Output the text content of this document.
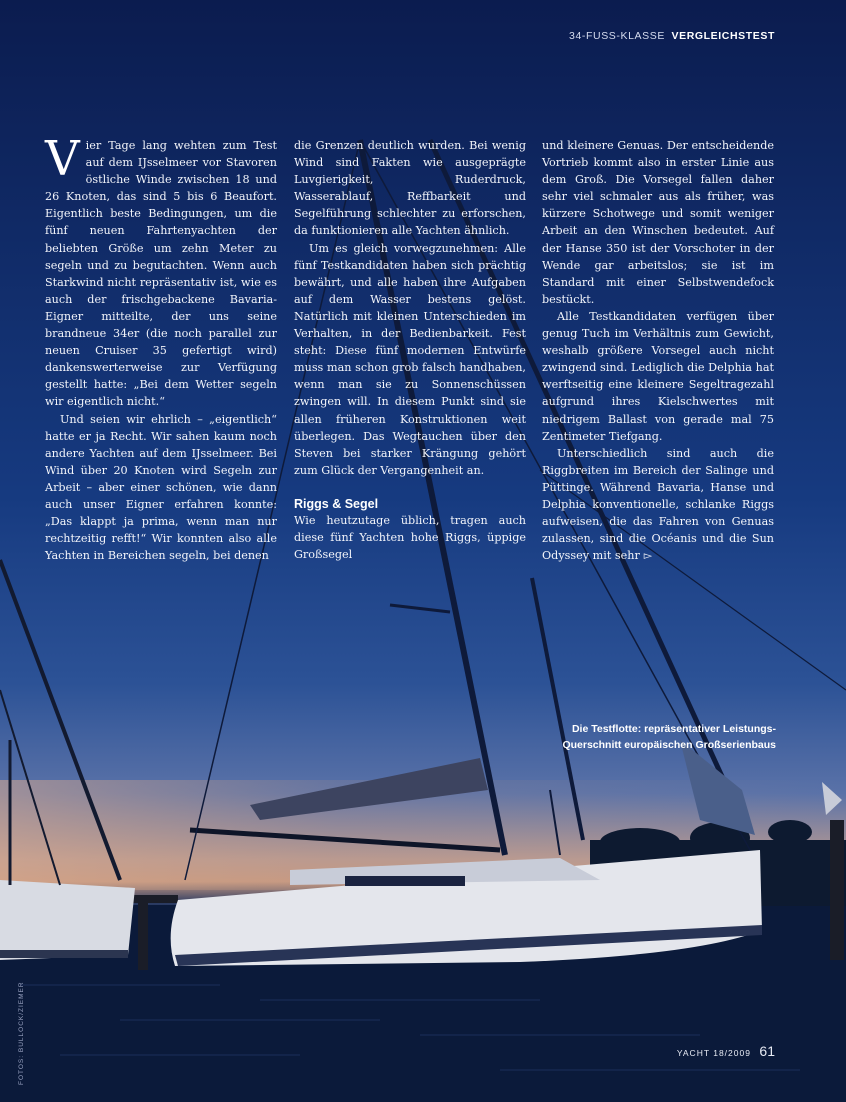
34-FUSS-KLASSE VERGLEICHSTEST

V ier Tage lang wehten zum Test auf dem IJsselmeer vor Stavoren östliche Winde zwischen 18 und 26 Knoten, das sind 5 bis 6 Beaufort. Eigentlich beste Bedingungen, um die fünf neuen Fahrtenyachten der beliebten Größe um zehn Meter zu segeln und zu begutachten. Wenn auch Starkwind nicht repräsentativ ist, wie es auch der frischgebackene Bavaria-Eigner mitteilte, der uns seine brandneue 34er (die noch parallel zur neuen Cruiser 35 gefertigt wird) dankenswerterweise zur Verfügung gestellt hatte: „Bei dem Wetter segeln wir eigentlich nicht.“

Und seien wir ehrlich – „eigentlich“ hatte er ja Recht. Wir sahen kaum noch andere Yachten auf dem IJsselmeer. Bei Wind über 20 Knoten wird Segeln zur Arbeit – aber einer schönen, wie dann auch unser Eigner erfahren konnte: „Das klappt ja prima, wenn man nur rechtzeitig refft!“ Wir konnten also alle Yachten in Bereichen segeln, bei denen

die Grenzen deutlich wurden. Bei wenig Wind sind Fakten wie ausgeprägte Luvgierigkeit, Ruderdruck, Wasserablauf, Reffbarkeit und Segelführung schlechter zu erforschen, da funktionieren alle Yachten ähnlich.

Um es gleich vorwegzunehmen: Alle fünf Testkandidaten haben sich prächtig bewährt, und alle haben ihre Aufgaben auf dem Wasser bestens gelöst. Natürlich mit kleinen Unterschieden im Verhalten, in der Bedienbarkeit. Fest steht: Diese fünf modernen Entwürfe muss man schon grob falsch handhaben, wenn man sie zu Sonnenschüssen zwingen will. In diesem Punkt sind sie allen früheren Konstruktionen weit überlegen. Das Wegtauchen über den Steven bei starker Krängung gehört zum Glück der Vergangenheit an.

Riggs & Segel

Wie heutzutage üblich, tragen auch diese fünf Yachten hohe Riggs, üppige Großsegel

und kleinere Genuas. Der entscheidende Vortrieb kommt also in erster Linie aus dem Groß. Die Vorsegel fallen daher sehr viel schmaler aus als früher, was kürzere Schotwege und somit weniger Arbeit an den Winschen bedeutet. Auf der Hanse 350 ist der Vorschoter in der Wende gar arbeitslos; sie ist im Standard mit einer Selbstwendefock bestückt.

Alle Testkandidaten verfügen über genug Tuch im Verhältnis zum Gewicht, weshalb größere Vorsegel auch nicht zwingend sind. Lediglich die Delphia hat werftseitig eine kleinere Segeltragezahl aufgrund ihres Kielschwertes mit niedrigem Ballast von gerade mal 75 Zentimeter Tiefgang.

Unterschiedlich sind auch die Riggbreiten im Bereich der Salinge und Püttinge. Während Bavaria, Hanse und Delphia konventionelle, schlanke Riggs aufweisen, die das Fahren von Genuas zulassen, sind die Océanis und die Sun Odyssey mit sehr ▻

Die Testflotte: repräsentativer Leistungs-
Querschnitt europäischen Großserienbaus
YACHT 18/2009 61
FOTOS: BULLOCK/ZIEMER
